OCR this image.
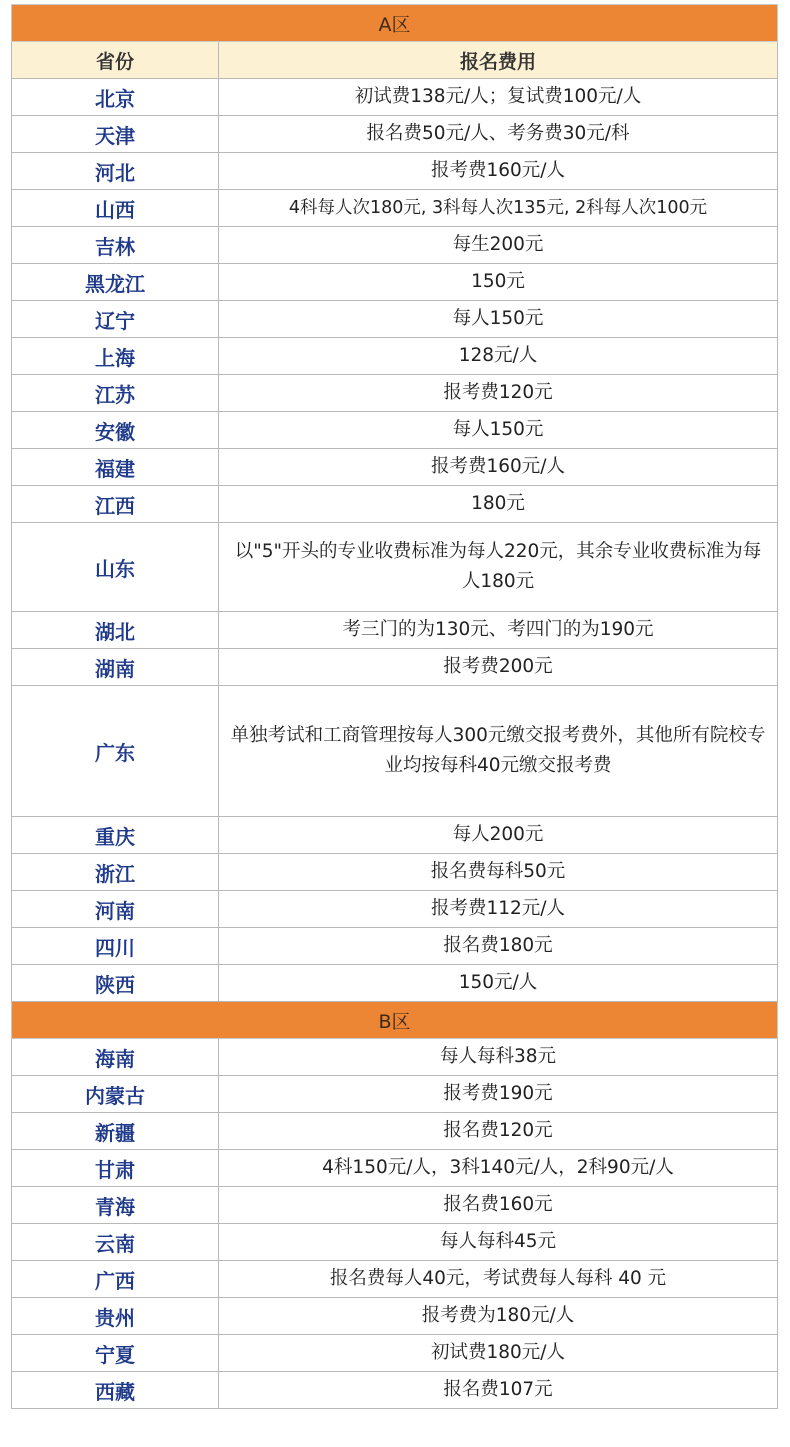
A区	
省份	报名费用
北京	初试费138元/人；复试费100元/人
天津	报名费50元/人、考务费30元/科
河北	报考费160元/人
山西	4科每人次180元, 3科每人次135元, 2科每人次100元
吉林	每生200元
黑龙江	150元
辽宁	每人150元
上海	128元/人
江苏	报考费120元
安徽	每人150元
福建	报考费160元/人
江西	180元
山东	以"5"开头的专业收费标准为每人220元，其余专业收费标准为每人180元
湖北	考三门的为130元、考四门的为190元
湖南	报考费200元
广东	单独考试和工商管理按每人300元缴交报考费外，其他所有院校专业均按每科40元缴交报考费
重庆	每人200元
浙江	报名费每科50元
河南	报考费112元/人
四川	报名费180元
陕西	150元/人
B区	
海南	每人每科38元
内蒙古	报考费190元
新疆	报名费120元
甘肃	4科150元/人，3科140元/人，2科90元/人
青海	报名费160元
云南	每人每科45元
广西	报名费每人40元，考试费每人每科 40 元
贵州	报考费为180元/人
宁夏	初试费180元/人
西藏	报名费107元
